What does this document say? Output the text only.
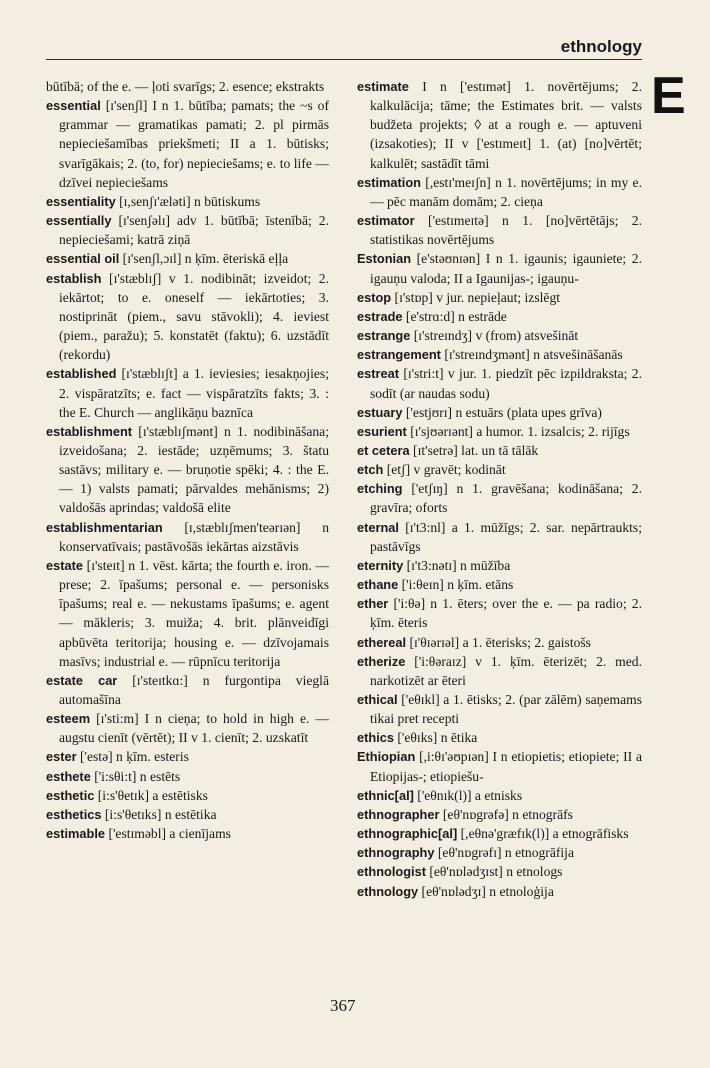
ethnology
E

būtībā; of the e. — ļoti svarīgs; 2. esence; ekstrakts

essential [ɪ'senʃl] I n 1. būtība; pamats; the ~s of grammar — gramatikas pamati; 2. pl pirmās nepieciešamības priekšmeti; II a 1. būtisks; svarīgākais; 2. (to, for) nepieciešams; e. to life — dzīvei nepieciešams

essentiality [ɪ,senʃɪ'æləti] n būtiskums

essentially [ɪ'senʃəlɪ] adv 1. būtībā; īstenībā; 2. nepieciešami; katrā ziņā

essential oil [ɪ'senʃl,ɔɪl] n ķīm. ēteriskā eļļa

establish [ɪ'stæblɪʃ] v 1. nodibināt; izveidot; 2. iekārtot; to e. oneself — iekārtoties; 3. nostiprināt (piem., savu stāvokli); 4. ieviest (piem., paražu); 5. konstatēt (faktu); 6. uzstādīt (rekordu)

established [ɪ'stæblɪʃt] a 1. ieviesies; iesakņojies; 2. vispāratzīts; e. fact — vispāratzīts fakts; 3. : the E. Church — anglikāņu baznīca

establishment [ɪ'stæblɪʃmənt] n 1. nodibināšana; izveidošana; 2. iestāde; uzņēmums; 3. štatu sastāvs; military e. — bruņotie spēki; 4. : the E. — 1) valsts pamati; pārvaldes mehānisms; 2) valdošās aprindas; valdošā elite

establishmentarian [ɪ,stæblɪʃmen'teərɪən] n konservatīvais; pastāvošās iekārtas aizstāvis

estate [ɪ'steɪt] n 1. vēst. kārta; the fourth e. iron. — prese; 2. īpašums; personal e. — personisks īpašums; real e. — nekustams īpašums; e. agent — mākleris; 3. muiža; 4. brit. plānveidīgi apbūvēta teritorija; housing e. — dzīvojamais masīvs; industrial e. — rūpnīcu teritorija

estate car [ɪ'steɪtkɑ:] n furgontipa vieglā automašīna

esteem [ɪ'sti:m] I n cieņa; to hold in high e. — augstu cienīt (vērtēt); II v 1. cienīt; 2. uzskatīt

ester ['estə] n ķīm. esteris

esthete ['i:sθi:t] n estēts

esthetic [i:s'θetɪk] a estētisks

esthetics [i:s'θetɪks] n estētika

estimable ['estɪməbl] a cienījams

estimate I n ['estɪmət] 1. novērtējums; 2. kalkulācija; tāme; the Estimates brit. — valsts budžeta projekts; ◊ at a rough e. — aptuveni (izsakoties); II v ['estɪmeɪt] 1. (at) [no]vērtēt; kalkulēt; sastādīt tāmi

estimation [,estɪ'meɪʃn] n 1. novērtējums; in my e. — pēc manām domām; 2. cieņa

estimator ['estɪmeɪtə] n 1. [no]vērtētājs; 2. statistikas novērtējums

Estonian [e'stəʊnɪən] I n 1. igaunis; igauniete; 2. igauņu valoda; II a Igaunijas-; igauņu-

estop [ɪ'stɒp] v jur. nepieļaut; izslēgt

estrade [e'strɑ:d] n estrāde

estrange [ɪ'streɪndʒ] v (from) atsvešināt

estrangement [ɪ'streɪndʒmənt] n atsvešināšanās

estreat [ɪ'stri:t] v jur. 1. piedzīt pēc izpildraksta; 2. sodīt (ar naudas sodu)

estuary ['estjʊrɪ] n estuārs (plata upes grīva)

esurient [ɪ'sjʊərɪənt] a humor. 1. izsalcis; 2. rijīgs

et cetera [ɪt'setrə] lat. un tā tālāk

etch [etʃ] v gravēt; kodināt

etching ['etʃɪŋ] n 1. gravēšana; kodināšana; 2. gravīra; oforts

eternal [ɪ't3:nl] a 1. mūžīgs; 2. sar. nepārtraukts; pastāvīgs

eternity [ɪ't3:nətɪ] n mūžība

ethane ['i:θeɪn] n ķīm. etāns

ether ['i:θə] n 1. ēters; over the e. — pa radio; 2. ķīm. ēteris

ethereal [ɪ'θɪərɪəl] a 1. ēterisks; 2. gaistošs

etherize ['i:θəraɪz] v 1. ķīm. ēterizēt; 2. med. narkotizēt ar ēteri

ethical ['eθɪkl] a 1. ētisks; 2. (par zālēm) saņemams tikai pret recepti

ethics ['eθɪks] n ētika

Ethiopian [,i:θɪ'əʊpɪən] I n etiopietis; etiopiete; II a Etiopijas-; etiopiešu-

ethnic[al] ['eθnɪk(l)] a etnisks

ethnographer [eθ'nɒgrəfə] n etnogrāfs

ethnographic[al] [,eθnə'græfɪk(l)] a etnogrāfisks

ethnography [eθ'nɒgrəfɪ] n etnogrāfija

ethnologist [eθ'nɒlədʒɪst] n etnologs

ethnology [eθ'nɒlədʒɪ] n etnoloģija

367
